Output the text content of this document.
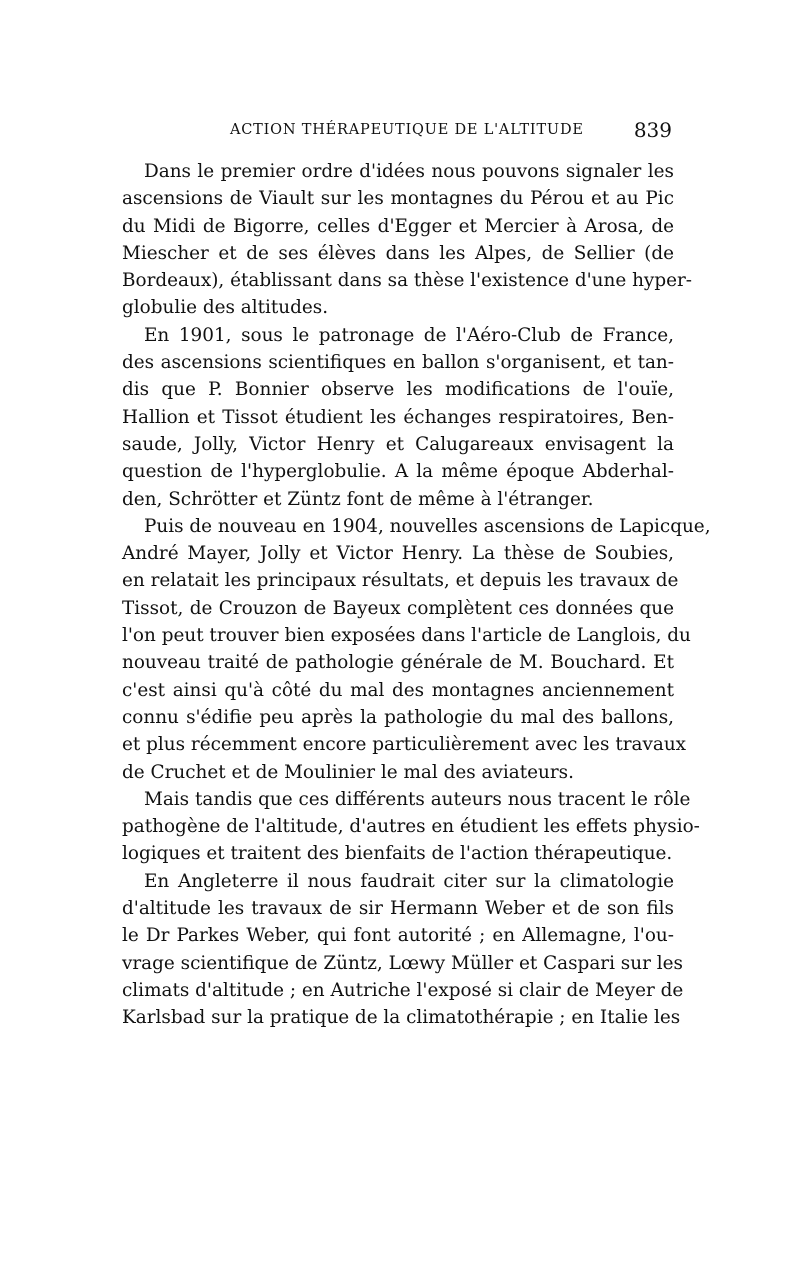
ACTION THÉRAPEUTIQUE DE L'ALTITUDE	839

Dans le premier ordre d'idées nous pouvons signaler les
ascensions de Viault sur les montagnes du Pérou et au Pic
du Midi de Bigorre, celles d'Egger et Mercier à Arosa, de
Miescher et de ses élèves dans les Alpes, de Sellier (de
Bordeaux), établissant dans sa thèse l'existence d'une hyper-
globulie des altitudes.

En 1901, sous le patronage de l'Aéro-Club de France,
des ascensions scientifiques en ballon s'organisent, et tan-
dis que P. Bonnier observe les modifications de l'ouïe,
Hallion et Tissot étudient les échanges respiratoires, Ben-
saude, Jolly, Victor Henry et Calugareaux envisagent la
question de l'hyperglobulie. A la même époque Abderhal-
den, Schrötter et Züntz font de même à l'étranger.

Puis de nouveau en 1904, nouvelles ascensions de Lapicque,
André Mayer, Jolly et Victor Henry. La thèse de Soubies,
en relatait les principaux résultats, et depuis les travaux de
Tissot, de Crouzon de Bayeux complètent ces données que
l'on peut trouver bien exposées dans l'article de Langlois, du
nouveau traité de pathologie générale de M. Bouchard. Et
c'est ainsi qu'à côté du mal des montagnes anciennement
connu s'édifie peu après la pathologie du mal des ballons,
et plus récemment encore particulièrement avec les travaux
de Cruchet et de Moulinier le mal des aviateurs.

Mais tandis que ces différents auteurs nous tracent le rôle
pathogène de l'altitude, d'autres en étudient les effets physio-
logiques et traitent des bienfaits de l'action thérapeutique.

En Angleterre il nous faudrait citer sur la climatologie
d'altitude les travaux de sir Hermann Weber et de son fils
le Dr Parkes Weber, qui font autorité ; en Allemagne, l'ou-
vrage scientifique de Züntz, Lœwy Müller et Caspari sur les
climats d'altitude ; en Autriche l'exposé si clair de Meyer de
Karlsbad sur la pratique de la climatothérapie ; en Italie les
